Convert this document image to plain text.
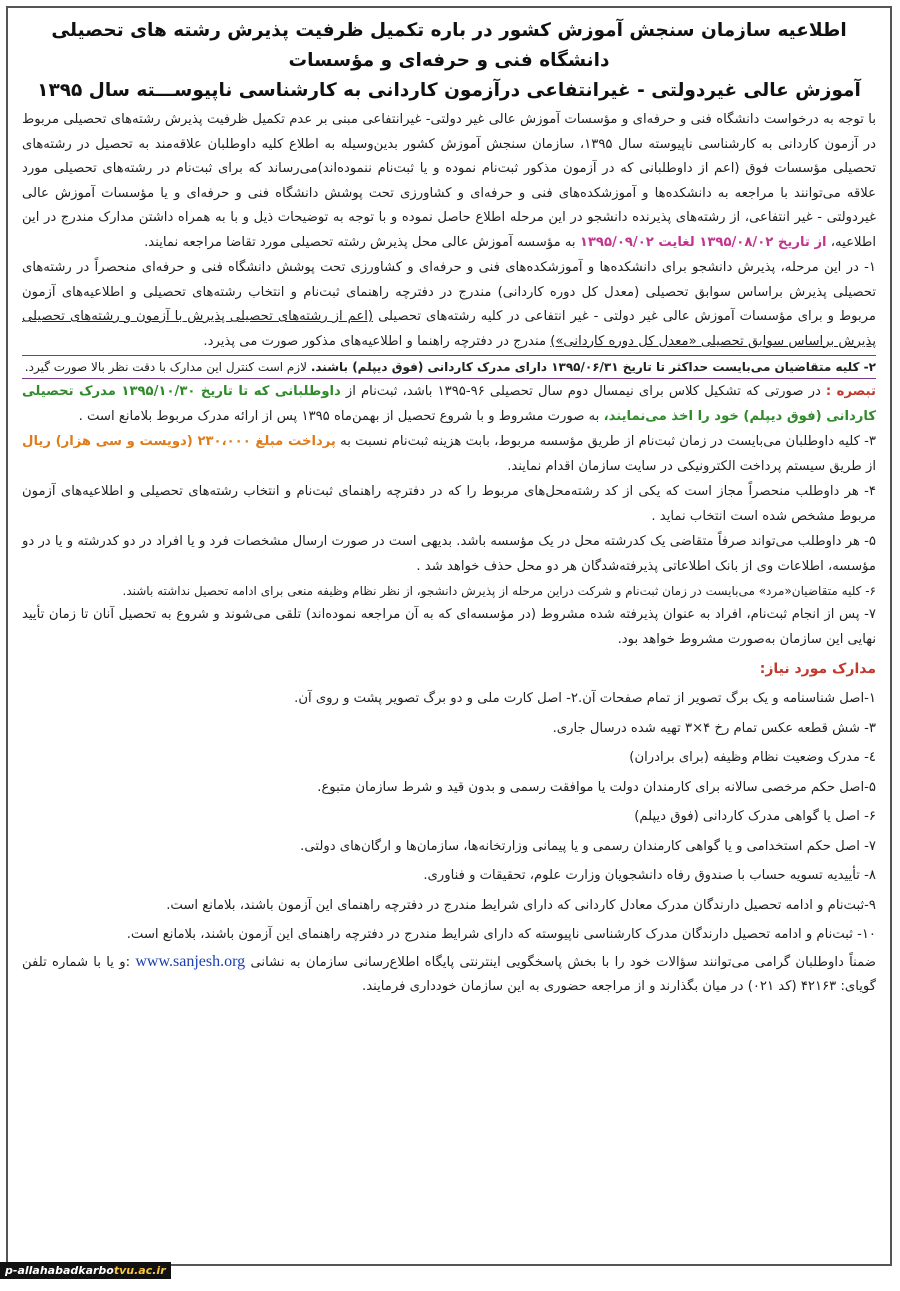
اطلاعیه سازمان سنجش آموزش کشور در باره تکمیل ظرفیت پذیرش رشته های تحصیلی دانشگاه فنی و حرفه‌ای و مؤسسات
آموزش عالی غیردولتی - غیرانتفاعی درآزمون کاردانی به کارشناسی ناپیوســـته سال ۱۳۹۵

با توجه به درخواست دانشگاه فنی و حرفه‌ای و مؤسسات آموزش عالی غیر دولتی- غیرانتفاعی مبنی بر عدم تکمیل ظرفیت پذیرش رشته‌های تحصیلی مربوط در آزمون کاردانی به کارشناسی ناپیوسته سال ۱۳۹۵، سازمان سنجش آموزش کشور بدین‌وسیله به اطلاع کلیه داوطلبان علاقه‌مند به تحصیل در رشته‌های تحصیلی مؤسسات فوق (اعم از داوطلبانی که در آزمون مذکور ثبت‌نام نموده و یا ثبت‌نام ننموده‌اند)می‌رساند که برای ثبت‌نام در رشته‌های تحصیلی مورد علاقه می‌توانند با مراجعه به دانشکده‌ها و آموزشکده‌های فنی و حرفه‌ای و کشاورزی تحت پوشش دانشگاه فنی و حرفه‌ای و یا مؤسسات آموزش عالی غیردولتی - غیر انتفاعی، از رشته‌های پذیرنده دانشجو در این مرحله اطلاع حاصل نموده و با توجه به توضیحات ذیل و با به همراه داشتن مدارک مندرج در این اطلاعیه، از تاریخ ۱۳۹۵/۰۸/۰۲ لغایت ۱۳۹۵/۰۹/۰۲ به مؤسسه آموزش عالی محل پذیرش رشته تحصیلی مورد تقاضا مراجعه نمایند.

۱- در این مرحله، پذیرش دانشجو برای دانشکده‌ها و آموزشکده‌های فنی و حرفه‌ای و کشاورزی تحت پوشش دانشگاه فنی و حرفه‌ای منحصراً در رشته‌های تحصیلی پذیرش براساس سوابق تحصیلی (معدل کل دوره کاردانی) مندرج در دفترچه راهنمای ثبت‌نام و انتخاب رشته‌های تحصیلی و اطلاعیه‌های آزمون مربوط و برای مؤسسات آموزش عالی غیر دولتی - غیر انتفاعی در کلیه رشته‌های تحصیلی (اعم از رشته‌های تحصیلی پذیرش با آزمون و رشته‌های تحصیلی پذیرش براساس سوابق تحصیلی «معدل کل دوره کاردانی») مندرج در دفترچه راهنما و اطلاعیه‌های مذکور صورت می پذیرد.

۲- کلیه متقاضیان می‌بایست حداکثر تا تاریخ ۱۳۹۵/۰۶/۳۱ دارای مدرک کاردانی (فوق دیپلم) باشند. لازم است کنترل این مدارک با دقت نظر بالا صورت گیرد.

تبصره : در صورتی که تشکیل کلاس برای نیمسال دوم سال تحصیلی ۹۶-۱۳۹۵ باشد، ثبت‌نام از داوطلبانی که تا تاریخ ۱۳۹۵/۱۰/۳۰ مدرک تحصیلی کاردانی (فوق دیپلم) خود را اخذ می‌نمایند، به صورت مشروط و با شروع تحصیل از بهمن‌ماه ۱۳۹۵ پس از ارائه مدرک مربوط بلامانع است .

۳- کلیه داوطلبان می‌بایست در زمان ثبت‌نام از طریق مؤسسه مربوط، بابت هزینه ثبت‌نام نسبت به پرداخت مبلغ ۲۳۰،۰۰۰ (دویست و سی هزار) ریال از طریق سیستم پرداخت الکترونیکی در سایت سازمان اقدام نمایند.

۴- هر داوطلب منحصراً مجاز است که یکی از کد رشته‌محل‌های مربوط را که در دفترچه راهنمای ثبت‌نام و انتخاب رشته‌های تحصیلی و اطلاعیه‌های آزمون مربوط مشخص شده است انتخاب نماید .

۵- هر داوطلب می‌تواند صرفاً متقاضی یک کدرشته محل در یک مؤسسه باشد. بدیهی است در صورت ارسال مشخصات فرد و یا افراد در دو کدرشته و یا در دو مؤسسه، اطلاعات وی از بانک اطلاعاتی پذیرفته‌شدگان هر دو محل حذف خواهد شد .

۶- کلیه متقاضیان«مرد» می‌بایست در زمان ثبت‌نام و شرکت دراین مرحله از پذیرش دانشجو، از نظر نظام وظیفه منعی برای ادامه تحصیل نداشته باشند.

۷- پس از انجام ثبت‌نام، افراد به عنوان پذیرفته شده مشروط (در مؤسسه‌ای که به آن مراجعه نموده‌اند) تلقی می‌شوند و شروع به تحصیل آنان تا زمان تأیید نهایی این سازمان به‌صورت مشروط خواهد بود.

مدارک مورد نیاز:

۱-اصل شناسنامه و یک برگ تصویر از تمام صفحات آن.۲- اصل کارت ملی و دو برگ تصویر پشت و روی آن.

۳- شش قطعه عکس تمام رخ ۴×۳ تهیه شده درسال جاری.

٤- مدرک وضعیت نظام وظیفه (برای برادران)

۵-اصل حکم مرخصی سالانه برای کارمندان دولت یا موافقت رسمی و بدون قید و شرط سازمان متبوع.

۶- اصل یا گواهی مدرک کاردانی (فوق دیپلم)

۷- اصل حکم استخدامی و یا گواهی کارمندان رسمی و یا پیمانی وزارتخانه‌ها، سازمان‌ها و ارگان‌های دولتی.

۸- تأییدیه تسویه حساب با صندوق رفاه دانشجویان وزارت علوم، تحقیقات و فناوری.

۹-ثبت‌نام و ادامه تحصیل دارندگان مدرک معادل کاردانی که دارای شرایط مندرج در دفترچه راهنمای این آزمون باشند، بلامانع است.

۱۰- ثبت‌نام و ادامه تحصیل دارندگان مدرک کارشناسی ناپیوسته که دارای شرایط مندرج در دفترچه راهنمای این آزمون باشند، بلامانع است.

ضمناً داوطلبان گرامی می‌توانند سؤالات خود را با بخش پاسخگویی اینترنتی پایگاه اطلاع‌رسانی سازمان به نشانی www.sanjesh.org :و یا با شماره تلفن گویای: ۴۲۱۶۳ (کد ۰۲۱) در میان بگذارند و از مراجعه حضوری به این سازمان خودداری فرمایند.

p-allahabadkarbotvu.ac.ir
